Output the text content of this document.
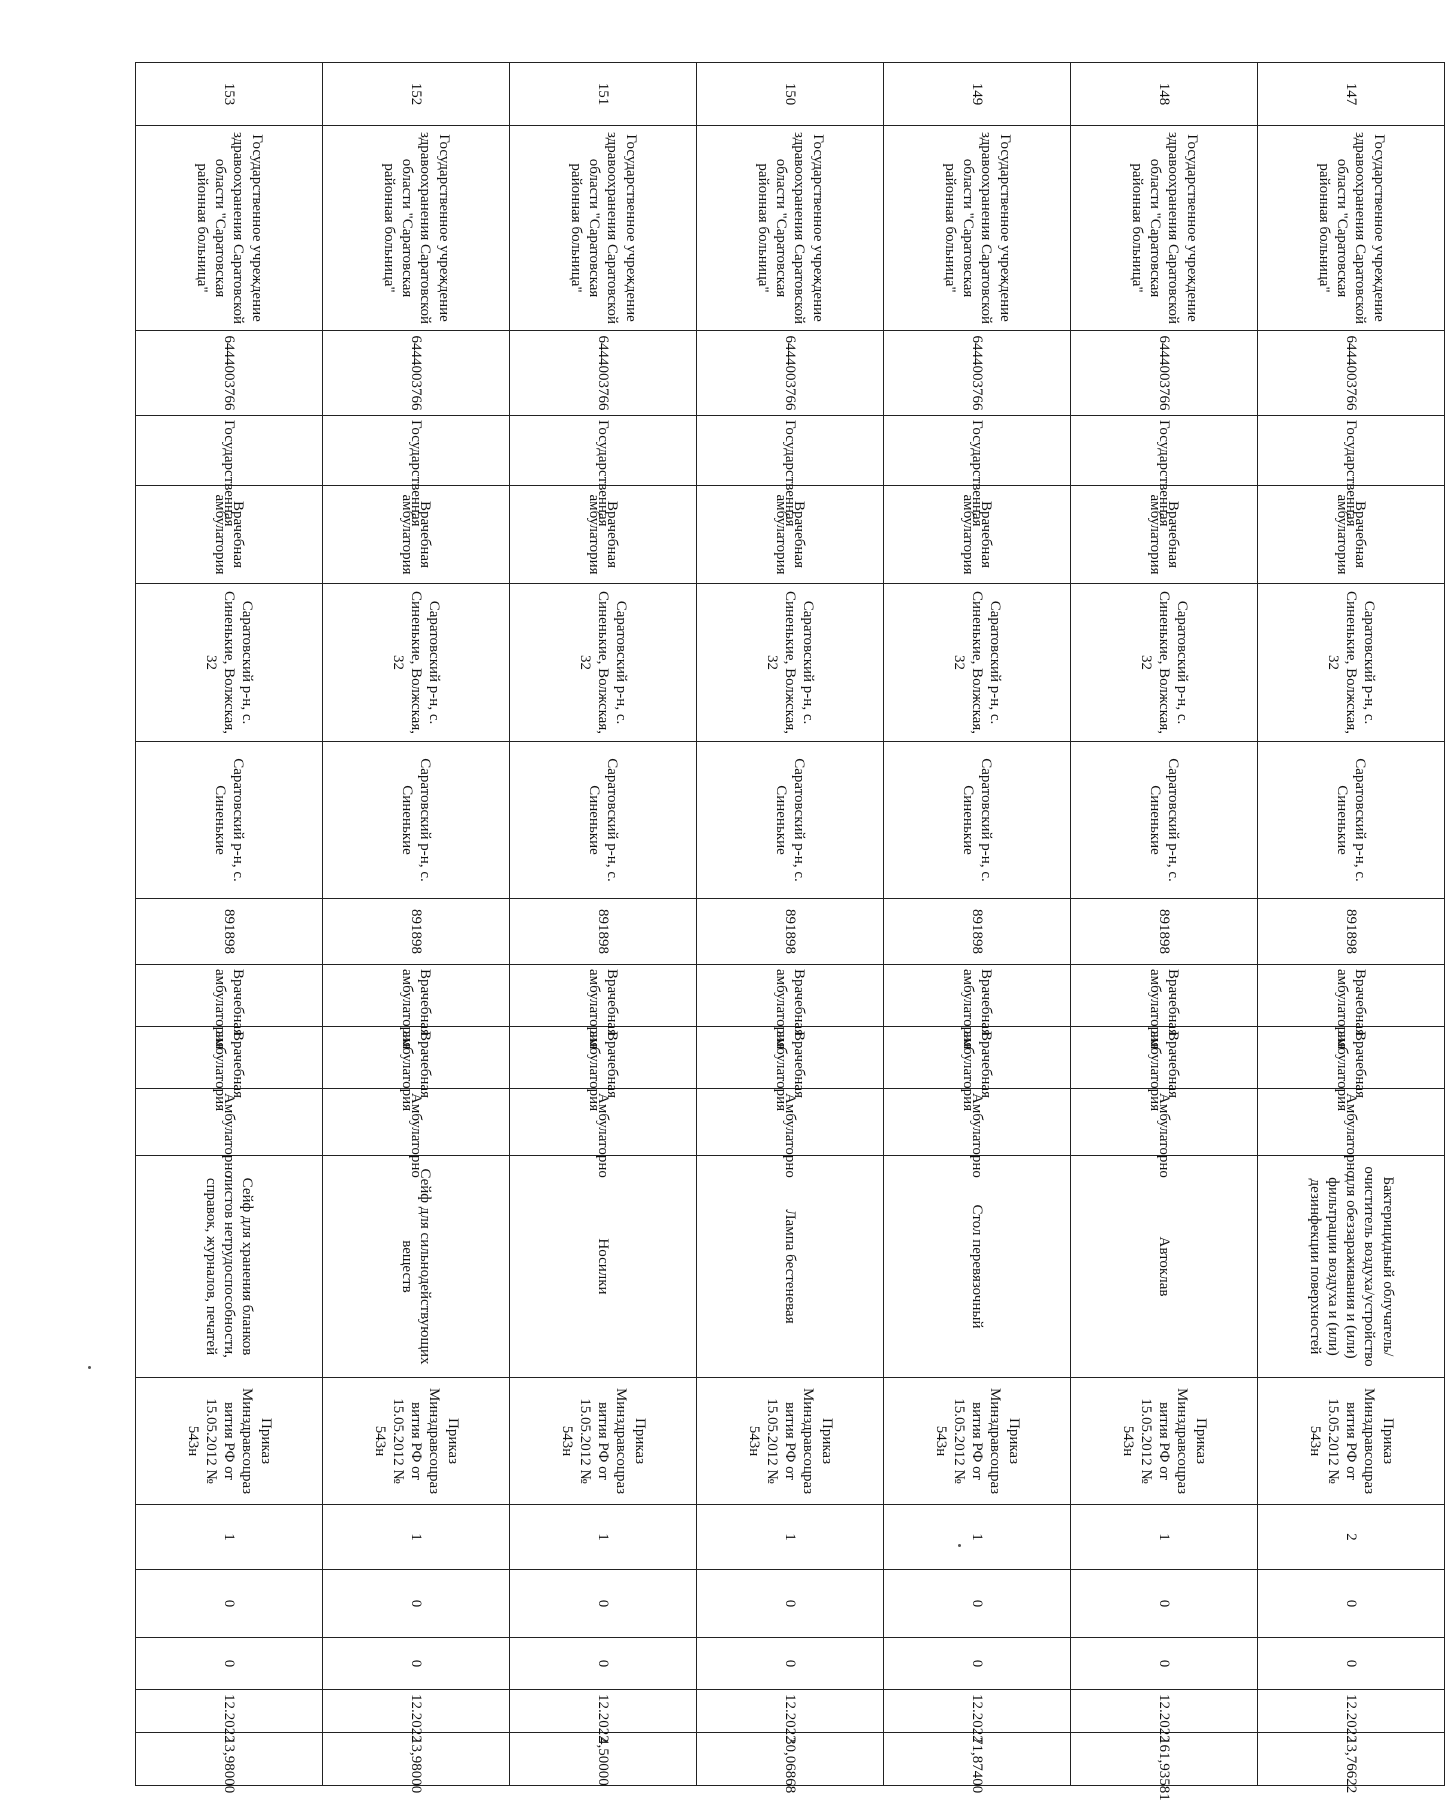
147	Государственное учреждение здравоохранения Саратовской области "Саратовская районная больница"	6444003766	Государственная	Врачебная амбулатория	Саратовский р-н, с. Синенькие, Волжская, 32	Саратовский р-н, с. Синенькие	891898	Врачебная амбулатория	Врачебная амбулатория	Амбулаторно	Бактерицидный облучатель/очиститель воздуха/устройство для обеззараживания и (или) фильтрации воздуха и (или) дезинфекции поверхностей	Приказ Минздравсоцраз вития РФ от 15.05.2012 № 543н	2	0	0	12.2022	13,76622
148	Государственное учреждение здравоохранения Саратовской области "Саратовская районная больница"	6444003766	Государственная	Врачебная амбулатория	Саратовский р-н, с. Синенькие, Волжская, 32	Саратовский р-н, с. Синенькие	891898	Врачебная амбулатория	Врачебная амбулатория	Амбулаторно	Автоклав	Приказ Минздравсоцраз вития РФ от 15.05.2012 № 543н	1	0	0	12.2022	161,93581
149	Государственное учреждение здравоохранения Саратовской области "Саратовская районная больница"	6444003766	Государственная	Врачебная амбулатория	Саратовский р-н, с. Синенькие, Волжская, 32	Саратовский р-н, с. Синенькие	891898	Врачебная амбулатория	Врачебная амбулатория	Амбулаторно	Стол перевязочный	Приказ Минздравсоцраз вития РФ от 15.05.2012 № 543н	1	0	0	12.2022	71,87400
150	Государственное учреждение здравоохранения Саратовской области "Саратовская районная больница"	6444003766	Государственная	Врачебная амбулатория	Саратовский р-н, с. Синенькие, Волжская, 32	Саратовский р-н, с. Синенькие	891898	Врачебная амбулатория	Врачебная амбулатория	Амбулаторно	Лампа бестеневая	Приказ Минздравсоцраз вития РФ от 15.05.2012 № 543н	1	0	0	12.2022	30,06868
151	Государственное учреждение здравоохранения Саратовской области "Саратовская районная больница"	6444003766	Государственная	Врачебная амбулатория	Саратовский р-н, с. Синенькие, Волжская, 32	Саратовский р-н, с. Синенькие	891898	Врачебная амбулатория	Врачебная амбулатория	Амбулаторно	Носилки	Приказ Минздравсоцраз вития РФ от 15.05.2012 № 543н	1	0	0	12.2022	4,50000
152	Государственное учреждение здравоохранения Саратовской области "Саратовская районная больница"	6444003766	Государственная	Врачебная амбулатория	Саратовский р-н, с. Синенькие, Волжская, 32	Саратовский р-н, с. Синенькие	891898	Врачебная амбулатория	Врачебная амбулатория	Амбулаторно	Сейф для сильнодействующих веществ	Приказ Минздравсоцраз вития РФ от 15.05.2012 № 543н	1	0	0	12.2022	13,98000
153	Государственное учреждение здравоохранения Саратовской области "Саратовская районная больница"	6444003766	Государственная	Врачебная амбулатория	Саратовский р-н, с. Синенькие, Волжская, 32	Саратовский р-н, с. Синенькие	891898	Врачебная амбулатория	Врачебная амбулатория	Амбулаторно	Сейф для хранения бланков листов нетрудоспособности, справок, журналов, печатей	Приказ Минздравсоцраз вития РФ от 15.05.2012 № 543н	1	0	0	12.2022	13,98000
